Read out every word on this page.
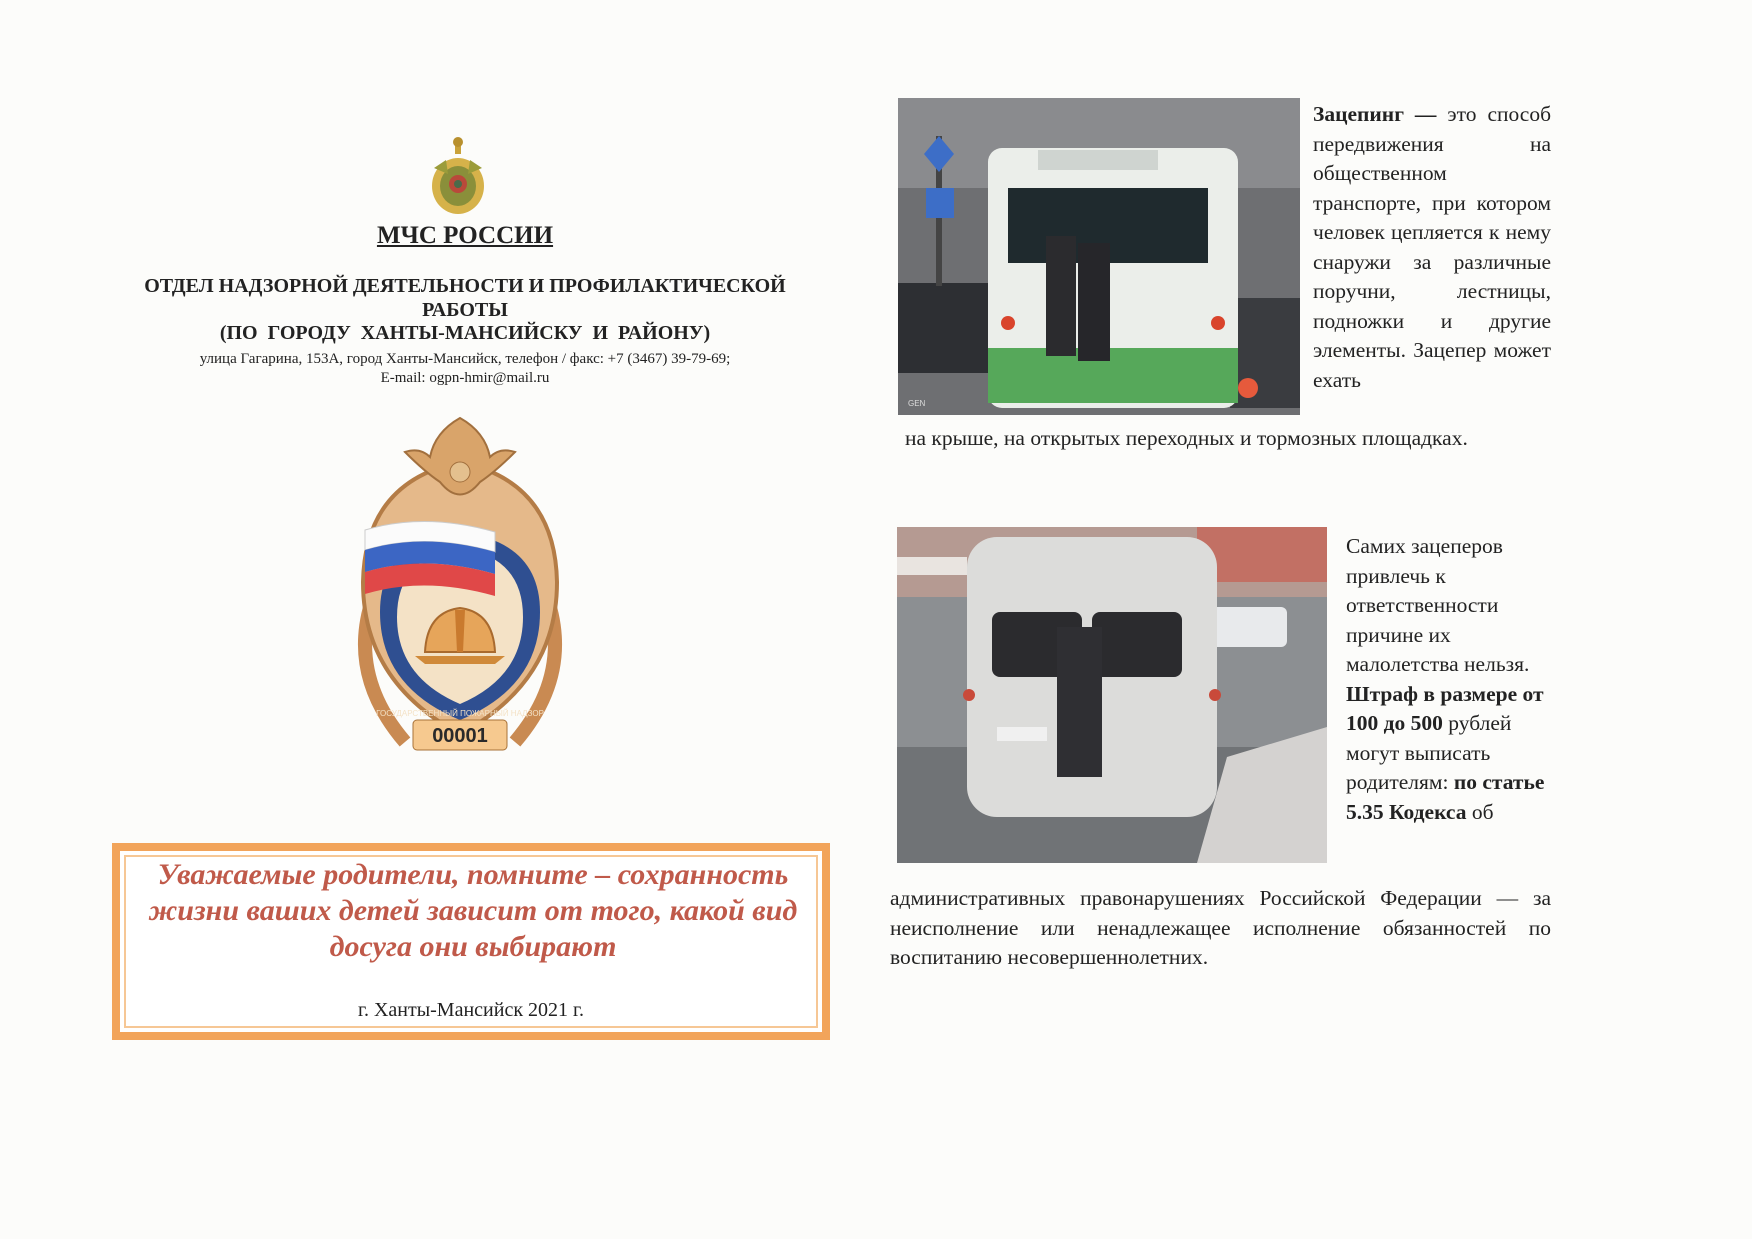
МЧС РОССИИ
ОТДЕЛ НАДЗОРНОЙ ДЕЯТЕЛЬНОСТИ И ПРОФИЛАКТИЧЕСКОЙ РАБОТЫ
(ПО ГОРОДУ ХАНТЫ-МАНСИЙСКУ И РАЙОНУ)
улица Гагарина, 153А, город Ханты-Мансийск, телефон / факс: +7 (3467) 39-79-69;
E-mail: ogpn-hmir@mail.ru
00001
ГОСУДАРСТВЕННЫЙ ПОЖАРНЫЙ НАДЗОР
Уважаемые родители, помните – сохранность жизни ваших детей зависит от того, какой вид досуга они выбирают
г. Ханты-Мансийск 2021 г.
GEN
Зацепинг — это способ передвижения на общественном транспорте, при котором человек цепляется к нему снаружи за различные поручни, лестницы, подножки и другие элементы. Зацепер может ехать
на крыше, на открытых переходных и тормозных площадках.
Самих зацеперов привлечь к ответственности причине их малолетства нельзя. Штраф в размере от 100 до 500 рублей могут выписать родителям: по статье 5.35 Кодекса об
административных правонарушениях Российской Федерации — за неисполнение или ненадлежащее исполнение обязанностей по воспитанию несовершеннолетних.
